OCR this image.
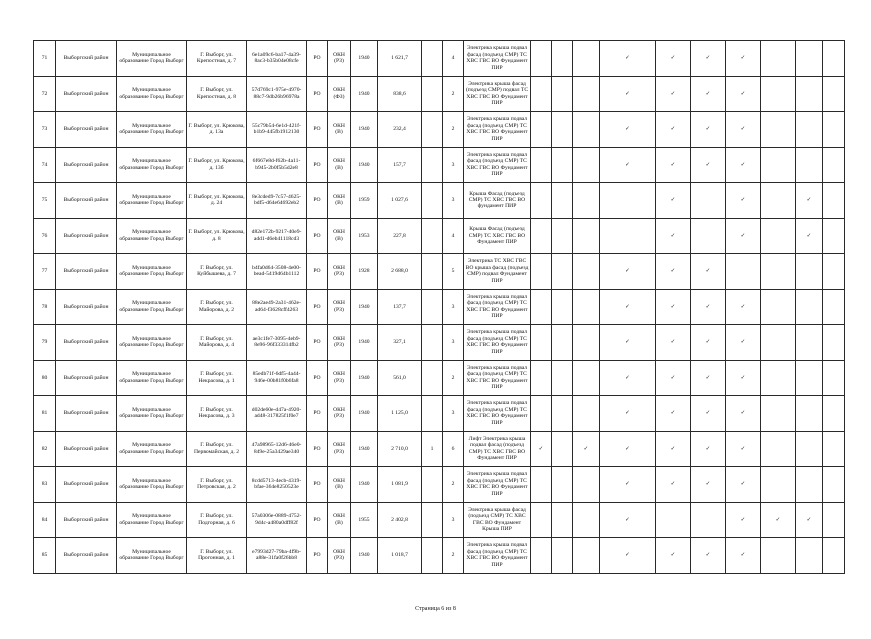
71	Выборгский район	Муниципальное образование Город Выборг	Г. Выборг, ул. Крепостная, д. 7	6e1a09c6-ba17-4a39-8ac3-b35b04e08cfe	РО	ОКН (РЗ)	1940	1 621,7		4	Электрика крыша подвал фасад (подъезд СМР) ТС ХВС ГВС ВО Фундамент ПИР				✓	✓	✓	✓			
72	Выборгский район	Муниципальное образование Город Выборг	Г. Выборг, ул. Крепостная, д. 8	57d769c1-975e-4970-88c7-9db26b96978a	РО	ОКН (ФЗ)	1940	838,6		2	Электрика крыша фасад (подъезд СМР) подвал ТС ХВС ГВС ВО Фундамент ПИР				✓	✓	✓	✓			
73	Выборгский район	Муниципальное образование Город Выборг	Г. Выборг, ул. Крюкова, д. 13а	55c79b54-6e1d-421f-b1b9-445fb1912130	РО	ОКН (В)	1940	232,4		2	Электрика крыша подвал фасад (подъезд СМР) ТС ХВС ГВС ВО Фундамент ПИР				✓	✓	✓	✓			
74	Выборгский район	Муниципальное образование Город Выборг	Г. Выборг, ул. Крюкова, д. 13б	6f667e8d-f62b-4a11-b945-2b0f5b5d2e8	РО	ОКН (В)	1940	157,7		3	Электрика крыша подвал фасад (подъезд СМР) ТС ХВС ГВС ВО Фундамент ПИР				✓	✓	✓	✓			
75	Выборгский район	Муниципальное образование Город Выборг	Г. Выборг, ул. Крюкова, д. 24	8e3cded9-7c57-4625-bdf5-d64e64692eb2	РО	ОКН (В)	1959	1 027,6		3	Крыша Фасад (подъезд СМР) ТС ХВС ГВС ВО фундамент ПИР					✓		✓		✓	
76	Выборгский район	Муниципальное образование Город Выборг	Г. Выборг, ул. Крюкова, д. 8	d82e172b-9217-40e9-add1-d6eb41118cd3	РО	ОКН (В)	1953	227,8		4	Крыша Фасад (подъезд СМР) ТС ХВС ГВС ВО Фундамент ПИР					✓		✓		✓	
77	Выборгский район	Муниципальное образование Город Выборг	Г. Выборг, ул. Куйбышева, д. 7	b4fa0d64-3508-4e00-bead-5419d64b1112	РО	ОКН (РЗ)	1928	2 688,0		5	Электрика ТС ХВС ГВС ВО крыша фасад (подъезд СМР) подвал Фундамент ПИР				✓	✓	✓				
78	Выборгский район	Муниципальное образование Город Выборг	Г. Выборг, ул. Майорова, д. 2	88e2ae49-2a31-462e-ad64-f3628cff4263	РО	ОКН (РЗ)	1940	137,7		3	Электрика крыша подвал фасад (подъезд СМР) ТС ХВС ГВС ВО Фундамент ПИР				✓	✓	✓	✓			
79	Выборгский район	Муниципальное образование Город Выборг	Г. Выборг, ул. Майорова, д. 4	ae3c1fe7-3095-4eb9-8e96-96f333314fb2	РО	ОКН (РЗ)	1940	327,1		3	Электрика крыша подвал фасад (подъезд СМР) ТС ХВС ГВС ВО Фундамент ПИР				✓	✓	✓	✓			
80	Выборгский район	Муниципальное образование Город Выборг	Г. Выборг, ул. Некрасова, д. 1	85edb71f-6df5-4a44-946e-00b81f0b6fa8	РО	ОКН (РЗ)	1940	561,0		2	Электрика крыша подвал фасад (подъезд СМР) ТС ХВС ГВС ВО Фундамент ПИР				✓	✓	✓	✓			
81	Выборгский район	Муниципальное образование Город Выборг	Г. Выборг, ул. Некрасова, д. 3	d02de60e-d47a-4920-ad48-317825f1f0e7	РО	ОКН (РЗ)	1940	1 125,0		3	Электрика крыша подвал фасад (подъезд СМР) ТС ХВС ГВС ВО Фундамент ПИР				✓	✓	✓	✓			
82	Выборгский район	Муниципальное образование Город Выборг	Г. Выборг, ул. Первомайская, д. 2	47a98965-12d6-46e0-849e-25a3429ae340	РО	ОКН (РЗ)	1940	2 710,0	1	6	Лифт Электрика крыша подвал фасад (подъезд СМР) ТС ХВС ГВС ВО Фундамент ПИР	✓		✓	✓	✓	✓	✓			
83	Выборгский район	Муниципальное образование Город Выборг	Г. Выборг, ул. Петровская, д. 2	8cdd5713-4ecb-4319-bfae-364e8250523e	РО	ОКН (В)	1940	1 081,9		2	Электрика крыша подвал фасад (подъезд СМР) ТС ХВС ГВС ВО Фундамент ПИР				✓	✓	✓	✓			
84	Выборгский район	Муниципальное образование Город Выборг	Г. Выборг, ул. Подгорная, д. 6	57a0306e-0889-4752-9d4c-a480a0dff82f	РО	ОКН (В)	1955	2 402,8		3	Электрика крыша фасад (подъезд СМР) ТС ХВС ГВС ВО Фундамент Крыша ПИР				✓			✓	✓	✓	
85	Выборгский район	Муниципальное образование Город Выборг	Г. Выборг, ул. Прогонная, д. 1	e7993d27-79ba-4f9b-a88e-31fa0f26bb8	РО	ОКН (РЗ)	1940	1 018,7		2	Электрика крыша подвал фасад (подъезд СМР) ТС ХВС ГВС ВО Фундамент ПИР				✓	✓	✓	✓			
Страница 6 из 8
